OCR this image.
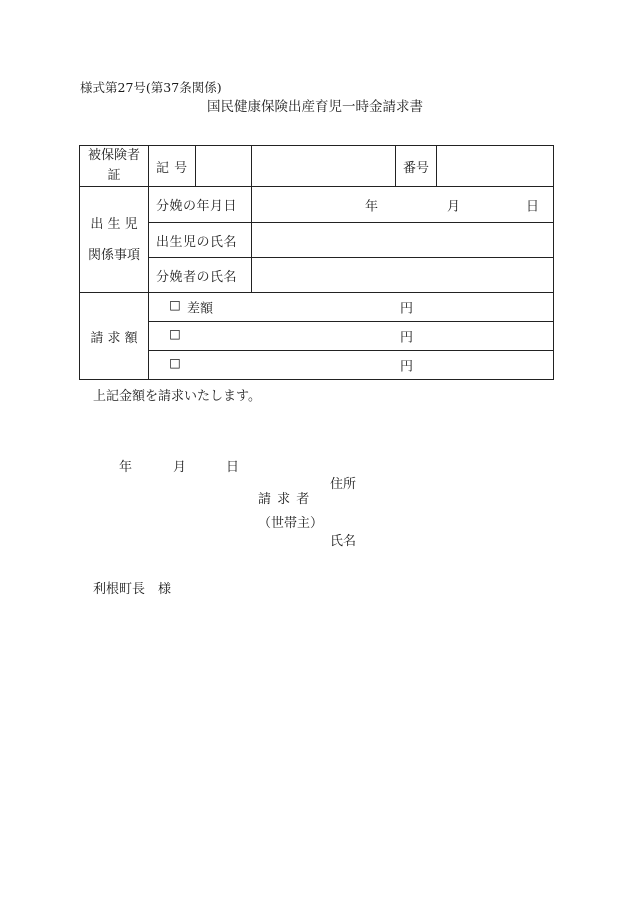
様式第27号(第37条関係)
国民健康保険出産育児一時金請求書
被保険者
証	記 号		番号	

出 生 児
関係事項	分娩の年月日	年 月 日		

	出生児の氏名			
	分娩者の氏名			
請 求 額	☐ 差額 円			

	☐ 円			

	☐ 円			
上記金額を請求いたします。
年	月	日
住所
請 求 者
（世帯主）
氏名
利根町長　様
